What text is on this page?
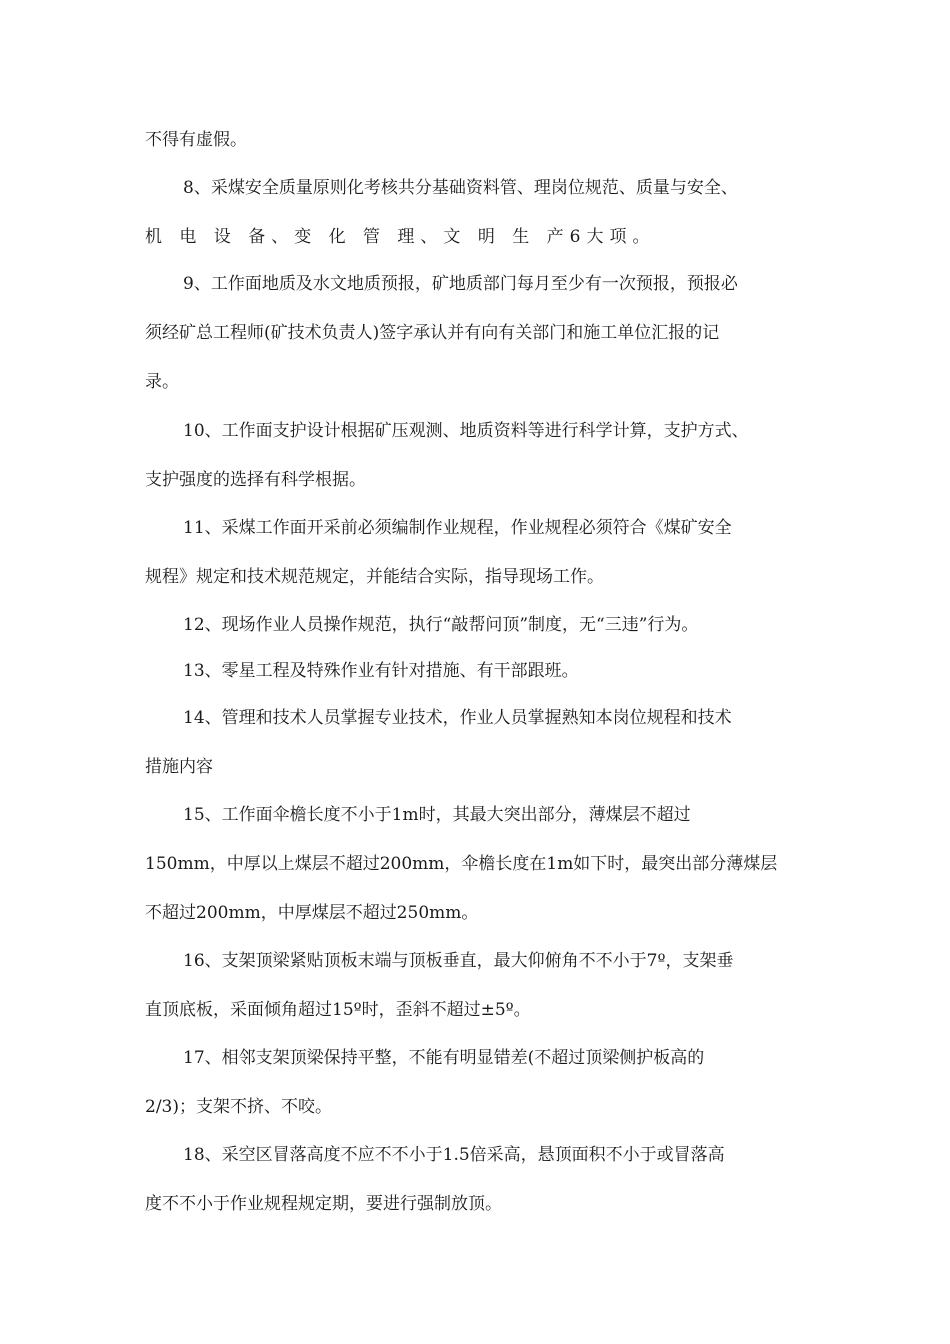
不得有虚假。
8、采煤安全质量原则化考核共分基础资料管、理岗位规范、质量与安全、
机 电 设 备、变 化 管 理、文 明 生 产6大项。
9、工作面地质及水文地质预报，矿地质部门每月至少有一次预报，预报必
须经矿总工程师(矿技术负责人)签字承认并有向有关部门和施工单位汇报的记
录。
10、工作面支护设计根据矿压观测、地质资料等进行科学计算，支护方式、
支护强度的选择有科学根据。
11、采煤工作面开采前必须编制作业规程，作业规程必须符合《煤矿安全
规程》规定和技术规范规定，并能结合实际，指导现场工作。
12、现场作业人员操作规范，执行“敲帮问顶”制度，无“三违”行为。
13、零星工程及特殊作业有针对措施、有干部跟班。
14、管理和技术人员掌握专业技术，作业人员掌握熟知本岗位规程和技术
措施内容
15、工作面伞檐长度不小于1m时，其最大突出部分，薄煤层不超过
150mm，中厚以上煤层不超过200mm，伞檐长度在1m如下时，最突出部分薄煤层
不超过200mm，中厚煤层不超过250mm。
16、支架顶梁紧贴顶板末端与顶板垂直，最大仰俯角不不小于7º，支架垂
直顶底板，采面倾角超过15º时，歪斜不超过±5º。
17、相邻支架顶梁保持平整，不能有明显错差(不超过顶梁侧护板高的
2/3)；支架不挤、不咬。
18、采空区冒落高度不应不不小于1.5倍采高，悬顶面积不小于或冒落高
度不不小于作业规程规定期，要进行强制放顶。
